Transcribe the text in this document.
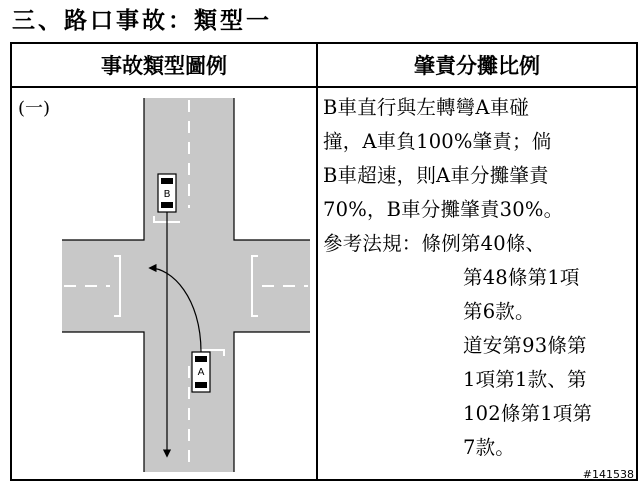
三、路口事故：類型一
事故類型圖例	肇責分攤比例
(一)
B
A
B車直行與左轉彎A車碰
撞，A車負100%肇責；倘
B車超速，則A車分攤肇責
70%，B車分攤肇責30%。
參考法規：條例第40條、
第48條第1項
第6款。
道安第93條第
1項第1款、第
102條第1項第
7款。
#141538
